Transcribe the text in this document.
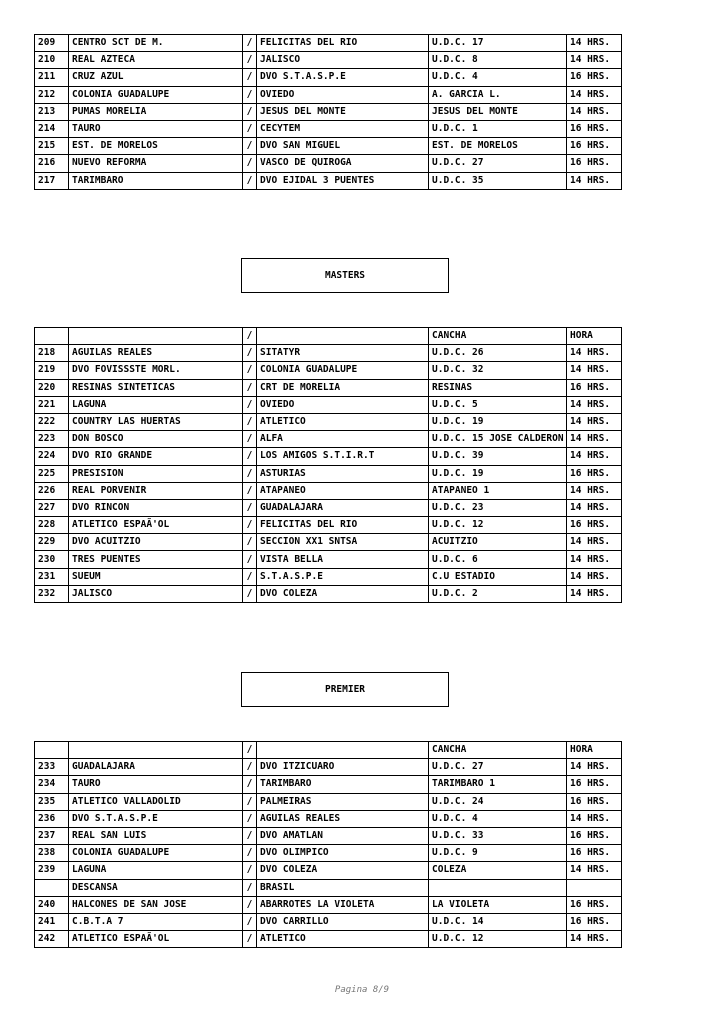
209	CENTRO SCT DE M.	/	FELICITAS DEL RIO	U.D.C. 17	14 HRS.
210	REAL AZTECA	/	JALISCO	U.D.C. 8	14 HRS.
211	CRUZ AZUL	/	DVO S.T.A.S.P.E	U.D.C. 4	16 HRS.
212	COLONIA GUADALUPE	/	OVIEDO	A. GARCIA L.	14 HRS.
213	PUMAS MORELIA	/	JESUS DEL MONTE	JESUS DEL MONTE	14 HRS.
214	TAURO	/	CECYTEM	U.D.C. 1	16 HRS.
215	EST. DE MORELOS	/	DVO SAN MIGUEL	EST. DE MORELOS	16 HRS.
216	NUEVO REFORMA	/	VASCO DE QUIROGA	U.D.C. 27	16 HRS.
217	TARIMBARO	/	DVO EJIDAL 3 PUENTES	U.D.C. 35	14 HRS.
MASTERS
		/		CANCHA	HORA
218	AGUILAS REALES	/	SITATYR	U.D.C. 26	14 HRS.
219	DVO FOVISSSTE MORL.	/	COLONIA GUADALUPE	U.D.C. 32	14 HRS.
220	RESINAS SINTETICAS	/	CRT DE MORELIA	RESINAS	16 HRS.
221	LAGUNA	/	OVIEDO	U.D.C. 5	14 HRS.
222	COUNTRY LAS HUERTAS	/	ATLETICO	U.D.C. 19	14 HRS.
223	DON BOSCO	/	ALFA	U.D.C. 15 JOSE CALDERON	14 HRS.
224	DVO RIO GRANDE	/	LOS AMIGOS S.T.I.R.T	U.D.C. 39	14 HRS.
225	PRESISION	/	ASTURIAS	U.D.C. 19	16 HRS.
226	REAL PORVENIR	/	ATAPANEO	ATAPANEO 1	14 HRS.
227	DVO RINCON	/	GUADALAJARA	U.D.C. 23	14 HRS.
228	ATLETICO ESPAÃ'OL	/	FELICITAS DEL RIO	U.D.C. 12	16 HRS.
229	DVO ACUITZIO	/	SECCION XX1 SNTSA	ACUITZIO	14 HRS.
230	TRES PUENTES	/	VISTA BELLA	U.D.C. 6	14 HRS.
231	SUEUM	/	S.T.A.S.P.E	C.U ESTADIO	14 HRS.
232	JALISCO	/	DVO COLEZA	U.D.C. 2	14 HRS.
PREMIER
		/		CANCHA	HORA
233	GUADALAJARA	/	DVO ITZICUARO	U.D.C. 27	14 HRS.
234	TAURO	/	TARIMBARO	TARIMBARO 1	16 HRS.
235	ATLETICO VALLADOLID	/	PALMEIRAS	U.D.C. 24	16 HRS.
236	DVO S.T.A.S.P.E	/	AGUILAS REALES	U.D.C. 4	14 HRS.
237	REAL SAN LUIS	/	DVO AMATLAN	U.D.C. 33	16 HRS.
238	COLONIA GUADALUPE	/	DVO OLIMPICO	U.D.C. 9	16 HRS.
239	LAGUNA	/	DVO COLEZA	COLEZA	14 HRS.
	DESCANSA	/	BRASIL		
240	HALCONES DE SAN JOSE	/	ABARROTES LA VIOLETA	LA VIOLETA	16 HRS.
241	C.B.T.A 7	/	DVO CARRILLO	U.D.C. 14	16 HRS.
242	ATLETICO ESPAÃ'OL	/	ATLETICO	U.D.C. 12	14 HRS.
Pagina 8/9
